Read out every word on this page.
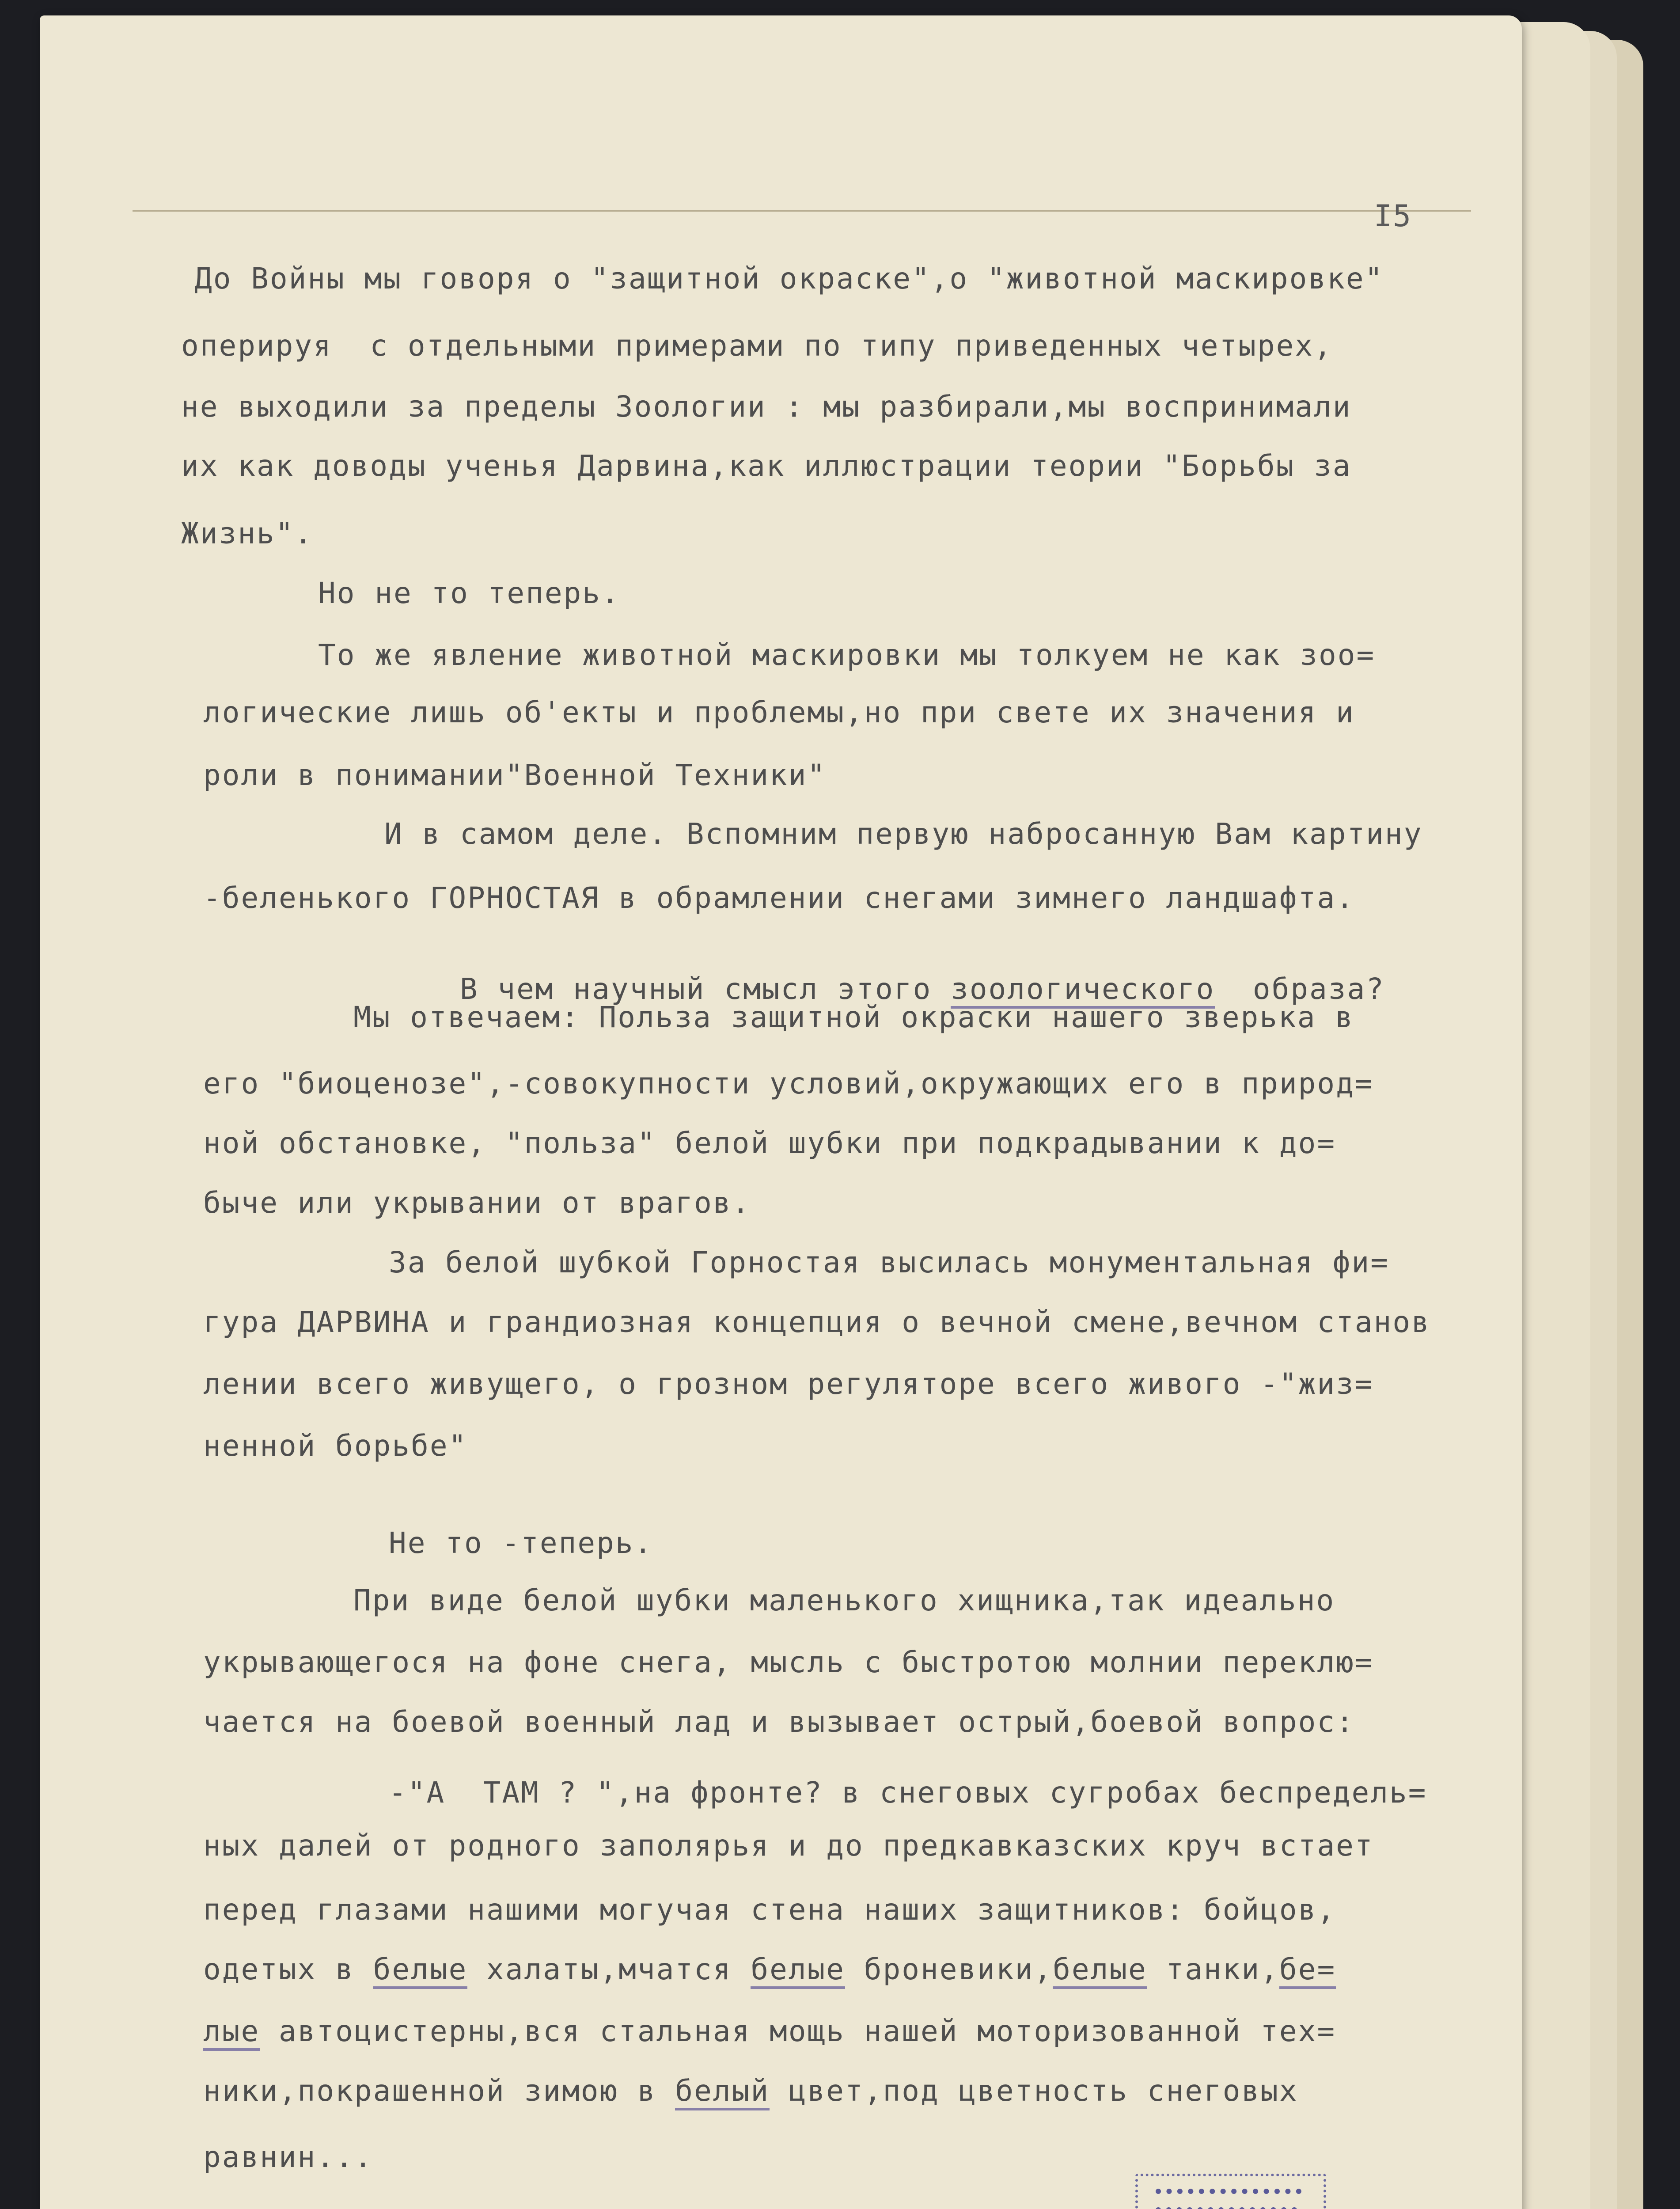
I5
До Войны мы говоря о "защитной окраске",о "животной маскировке"
оперируя  с отдельными примерами по типу приведенных четырех,
не выходили за пределы Зоологии : мы разбирали,мы воспринимали
их как доводы ученья Дарвина,как иллюстрации теории "Борьбы за
Жизнь".
Но не то теперь.
То же явление животной маскировки мы толкуем не как зоо=
логические лишь об'екты и проблемы,но при свете их значения и
роли в понимании"Военной Техники"
И в самом деле. Вспомним первую набросанную Вам картину
-беленького ГОРНОСТАЯ в обрамлении снегами зимнего ландшафта.

В чем научный смысл этого зоологического  образа?

Мы отвечаем: Польза защитной окраски нашего зверька в
его "биоценозе",-совокупности условий,окружающих его в природ=
ной обстановке, "польза" белой шубки при подкрадывании к до=
быче или укрывании от врагов.
За белой шубкой Горностая высилась монументальная фи=
гура ДАРВИНА и грандиозная концепция о вечной смене,вечном станов
лении всего живущего, о грозном регуляторе всего живого -"жиз=
ненной борьбе"
Не то -теперь.
При виде белой шубки маленького хищника,так идеально
укрывающегося на фоне снега, мысль с быстротою молнии переклю=
чается на боевой военный лад и вызывает острый,боевой вопрос:
-"А  ТАМ ? ",на фронте? в снеговых сугробах беспредель=
ных далей от родного заполярья и до предкавказских круч встает
перед глазами нашими могучая стена наших защитников: бойцов,
одетых в белые халаты,мчатся белые броневики,белые танки,бе=
лые автоцистерны,вся стальная мощь нашей моторизованной тех=
ники,покрашенной зимою в белый цвет,под цветность снеговых
равнин...
